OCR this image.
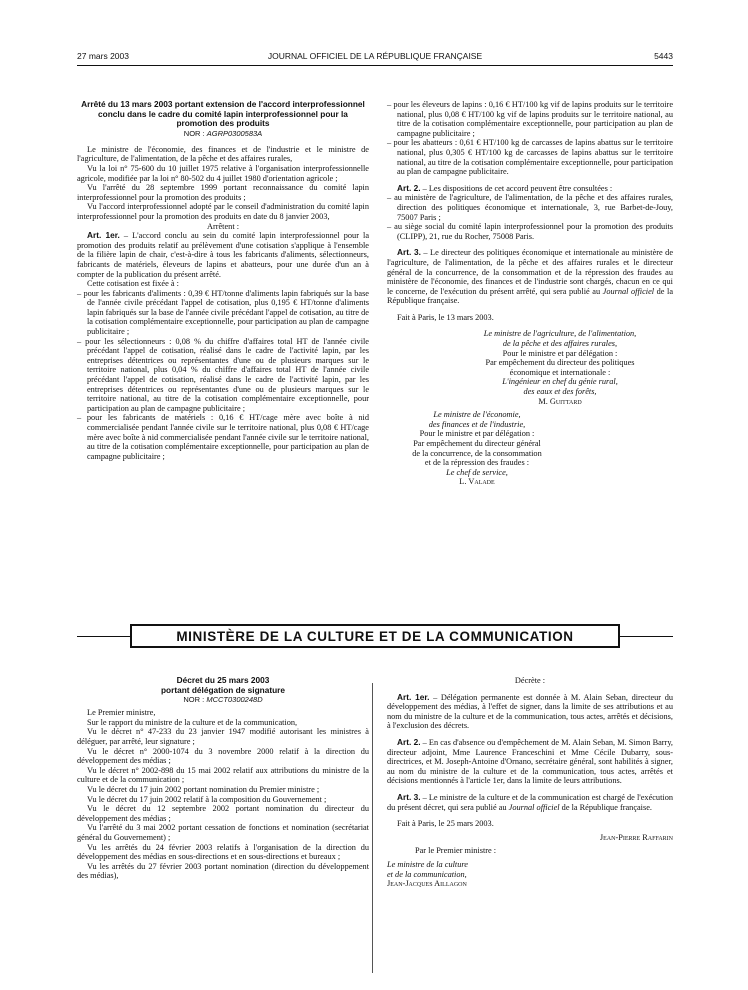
27 mars 2003	JOURNAL OFFICIEL DE LA RÉPUBLIQUE FRANÇAISE	5443

Arrêté du 13 mars 2003 portant extension de l'accord interprofessionnel conclu dans le cadre du comité lapin interprofessionnel pour la promotion des produits

NOR : AGRP0300583A

Le ministre de l'économie, des finances et de l'industrie et le ministre de l'agriculture, de l'alimentation, de la pêche et des affaires rurales,

Vu la loi n° 75-600 du 10 juillet 1975 relative à l'organisation interprofessionnelle agricole, modifiée par la loi n° 80-502 du 4 juillet 1980 d'orientation agricole ;

Vu l'arrêté du 28 septembre 1999 portant reconnaissance du comité lapin interprofessionnel pour la promotion des produits ;

Vu l'accord interprofessionnel adopté par le conseil d'administration du comité lapin interprofessionnel pour la promotion des produits en date du 8 janvier 2003,

Arrêtent :

Art. 1er. – L'accord conclu au sein du comité lapin interprofessionnel pour la promotion des produits relatif au prélèvement d'une cotisation s'applique à l'ensemble de la filière lapin de chair, c'est-à-dire à tous les fabricants d'aliments, sélectionneurs, fabricants de matériels, éleveurs de lapins et abatteurs, pour une durée d'un an à compter de la publication du présent arrêté.

Cette cotisation est fixée à :

– pour les fabricants d'aliments : 0,39 € HT/tonne d'aliments lapin fabriqués sur la base de l'année civile précédant l'appel de cotisation, plus 0,195 € HT/tonne d'aliments lapin fabriqués sur la base de l'année civile précédant l'appel de cotisation, au titre de la cotisation complémentaire exceptionnelle, pour participation au plan de campagne publicitaire ;

– pour les sélectionneurs : 0,08 % du chiffre d'affaires total HT de l'année civile précédant l'appel de cotisation, réalisé dans le cadre de l'activité lapin, par les entreprises détentrices ou représentantes d'une ou de plusieurs marques sur le territoire national, plus 0,04 % du chiffre d'affaires total HT de l'année civile précédant l'appel de cotisation, réalisé dans le cadre de l'activité lapin, par les entreprises détentrices ou représentantes d'une ou de plusieurs marques sur le territoire national, au titre de la cotisation complémentaire exceptionnelle, pour participation au plan de campagne publicitaire ;

– pour les fabricants de matériels : 0,16 € HT/cage mère avec boîte à nid commercialisée pendant l'année civile sur le territoire national, plus 0,08 € HT/cage mère avec boîte à nid commercialisée pendant l'année civile sur le territoire national, au titre de la cotisation complémentaire exceptionnelle, pour participation au plan de campagne publicitaire ;

– pour les éleveurs de lapins : 0,16 € HT/100 kg vif de lapins produits sur le territoire national, plus 0,08 € HT/100 kg vif de lapins produits sur le territoire national, au titre de la cotisation complémentaire exceptionnelle, pour participation au plan de campagne publicitaire ;

– pour les abatteurs : 0,61 € HT/100 kg de carcasses de lapins abattus sur le territoire national, plus 0,305 € HT/100 kg de carcasses de lapins abattus sur le territoire national, au titre de la cotisation complémentaire exceptionnelle, pour participation au plan de campagne publicitaire.

Art. 2. – Les dispositions de cet accord peuvent être consultées :

– au ministère de l'agriculture, de l'alimentation, de la pêche et des affaires rurales, direction des politiques économique et internationale, 3, rue Barbet-de-Jouy, 75007 Paris ;

– au siège social du comité lapin interprofessionnel pour la promotion des produits (CLIPP), 21, rue du Rocher, 75008 Paris.

Art. 3. – Le directeur des politiques économique et internationale au ministère de l'agriculture, de l'alimentation, de la pêche et des affaires rurales et le directeur général de la concurrence, de la consommation et de la répression des fraudes au ministère de l'économie, des finances et de l'industrie sont chargés, chacun en ce qui le concerne, de l'exécution du présent arrêté, qui sera publié au Journal officiel de la République française.

Fait à Paris, le 13 mars 2003.

Le ministre de l'agriculture, de l'alimentation,

de la pêche et des affaires rurales,

Pour le ministre et par délégation :

Par empêchement du directeur des politiques

économique et internationale :

L'ingénieur en chef du génie rural,

des eaux et des forêts,

M. Guittard

Le ministre de l'économie,

des finances et de l'industrie,

Pour le ministre et par délégation :

Par empêchement du directeur général

de la concurrence, de la consommation

et de la répression des fraudes :

Le chef de service,

L. Valade

MINISTÈRE DE LA CULTURE ET DE LA COMMUNICATION

Décret du 25 mars 2003

portant délégation de signature

NOR : MCCT0300248D

Le Premier ministre,

Sur le rapport du ministre de la culture et de la communication,

Vu le décret n° 47-233 du 23 janvier 1947 modifié autorisant les ministres à déléguer, par arrêté, leur signature ;

Vu le décret n° 2000-1074 du 3 novembre 2000 relatif à la direction du développement des médias ;

Vu le décret n° 2002-898 du 15 mai 2002 relatif aux attributions du ministre de la culture et de la communication ;

Vu le décret du 17 juin 2002 portant nomination du Premier ministre ;

Vu le décret du 17 juin 2002 relatif à la composition du Gouvernement ;

Vu le décret du 12 septembre 2002 portant nomination du directeur du développement des médias ;

Vu l'arrêté du 3 mai 2002 portant cessation de fonctions et nomination (secrétariat général du Gouvernement) ;

Vu les arrêtés du 24 février 2003 relatifs à l'organisation de la direction du développement des médias en sous-directions et en sous-directions et bureaux ;

Vu les arrêtés du 27 février 2003 portant nomination (direction du développement des médias),

Décrète :

Art. 1er. – Délégation permanente est donnée à M. Alain Seban, directeur du développement des médias, à l'effet de signer, dans la limite de ses attributions et au nom du ministre de la culture et de la communication, tous actes, arrêtés et décisions, à l'exclusion des décrets.

Art. 2. – En cas d'absence ou d'empêchement de M. Alain Seban, M. Simon Barry, directeur adjoint, Mme Laurence Franceschini et Mme Cécile Dubarry, sous-directrices, et M. Joseph-Antoine d'Ornano, secrétaire général, sont habilités à signer, au nom du ministre de la culture et de la communication, tous actes, arrêtés et décisions mentionnés à l'article 1er, dans la limite de leurs attributions.

Art. 3. – Le ministre de la culture et de la communication est chargé de l'exécution du présent décret, qui sera publié au Journal officiel de la République française.

Fait à Paris, le 25 mars 2003.

Jean-Pierre Raffarin

Par le Premier ministre :

Le ministre de la culture

et de la communication,

Jean-Jacques Aillagon
